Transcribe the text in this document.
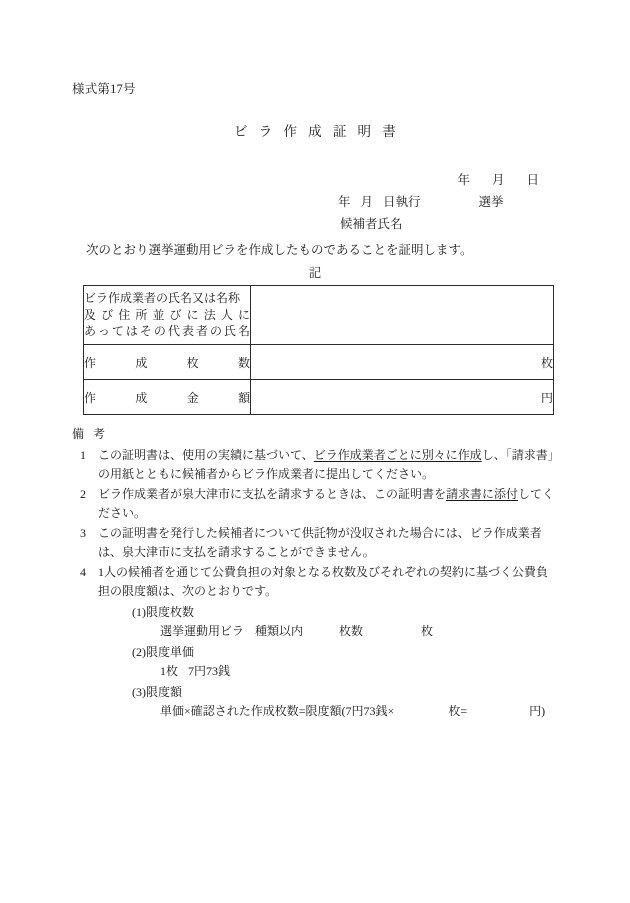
様式第17号
ビ ラ 作 成 証 明 書
年 月 日
年 月 日執行	選挙
候補者氏名
次のとおり選挙運動用ビラを作成したものであることを証明します。
記
ビラ作成業者の氏名又は名称
及び住所並びに法人に
あってはその代表者の氏名	

作 成 枚 数	枚
作 成 金 額	円
備 考
1 この証明書は、使用の実績に基づいて、ビラ作成業者ごとに別々に作成し、「請求書」の用紙とともに候補者からビラ作成業者に提出してください。
2 ビラ作成業者が泉大津市に支払を請求するときは、この証明書を請求書に添付してください。
3 この証明書を発行した候補者について供託物が没収された場合には、ビラ作成業者は、泉大津市に支払を請求することができません。
4 1人の候補者を通じて公費負担の対象となる枚数及びそれぞれの契約に基づく公費負担の限度額は、次のとおりです。
(1)限度枚数
選挙運動用ビラ 種類以内	枚数	枚
(2)限度単価
1枚 7円73銭
(3)限度額
単価×確認された作成枚数=限度額(7円73銭×	枚=	円)
